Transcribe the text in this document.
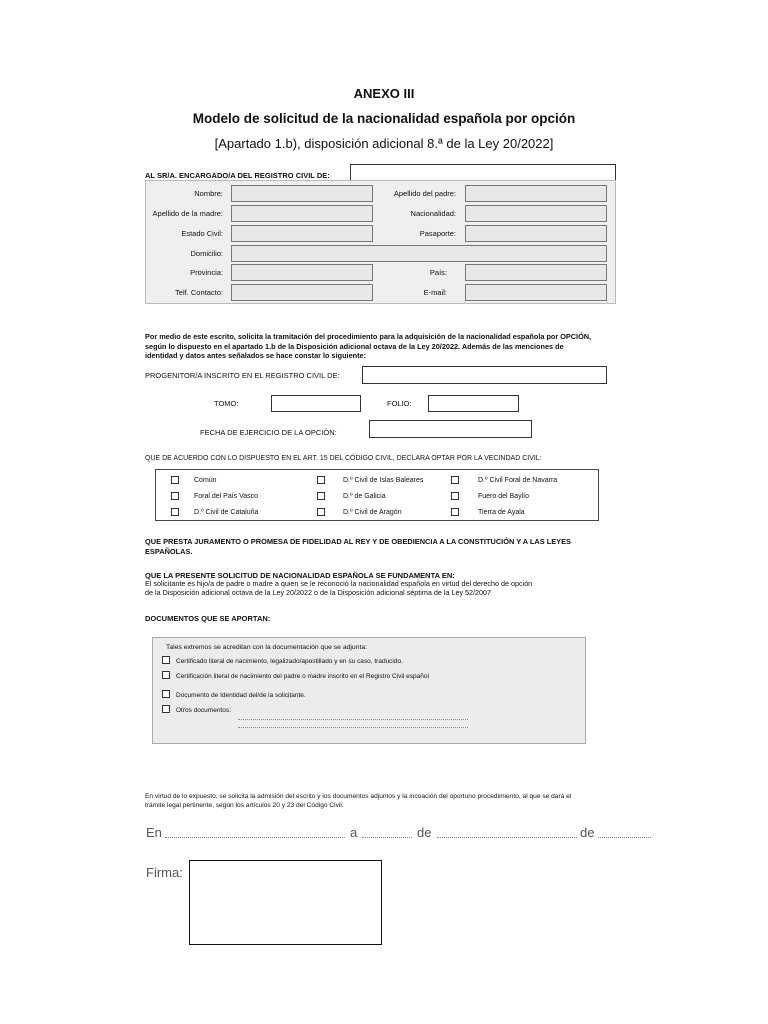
ANEXO III
Modelo de solicitud de la nacionalidad española por opción
[Apartado 1.b), disposición adicional 8.ª de la Ley 20/2022]
AL SR/A. ENCARGADO/A DEL REGISTRO CIVIL DE:
Nombre:	Apellido del padre:
Apellido de la madre:	Nacionalidad:
Estado Civil:	Pasaporte:
Domicilio:
Provincia:	País:
Telf. Contacto:	E-mail:
Por medio de este escrito, solicita la tramitación del procedimiento para la adquisición de la nacionalidad española por OPCIÓN,
según lo dispuesto en el apartado 1.b de la Disposición adicional octava de la Ley 20/2022. Además de las menciones de
identidad y datos antes señalados se hace constar lo siguiente:
PROGENITOR/A INSCRITO EN EL REGISTRO CIVIL DE:
TOMO:	FOLIO:
FECHA DE EJERCICIO DE LA OPCIÓN:
QUE DE ACUERDO CON LO DISPUESTO EN EL ART. 15 DEL CÓDIGO CIVIL, DECLARA OPTAR POR LA VECINDAD CIVIL:
Común	D.º Civil de Islas Baleares	D.º Civil Foral de Navarra
Foral del País Vasco	D.º de Galicia	Fuero del Baylío
D.º Civil de Cataluña	D.º Civil de Aragón	Tierra de Ayala
QUE PRESTA JURAMENTO O PROMESA DE FIDELIDAD AL REY Y DE OBEDIENCIA A LA CONSTITUCIÓN Y A LAS LEYES
ESPAÑOLAS.
QUE LA PRESENTE SOLICITUD DE NACIONALIDAD ESPAÑOLA SE FUNDAMENTA EN:
El solicitante es hijo/a de padre o madre a quien se le reconoció la nacionalidad española en virtud del derecho de opción
de la Disposición adicional octava de la Ley 20/2022 o de la Disposición adicional séptima de la Ley 52/2007
DOCUMENTOS QUE SE APORTAN:
Tales extremos se acreditan con la documentación que se adjunta:
Certificado literal de nacimiento, legalizado/apostillado y en su caso, traducido.
Certificación literal de nacimiento del padre o madre inscrito en el Registro Civil español
Documento de Identidad del/de la solicitante.
Otros documentos:
En virtud de lo expuesto, se solicita la admisión del escrito y los documentos adjuntos y la incoación del oportuno procedimiento, al que se dará el
trámite legal pertinente, según los artículos 20 y 23 del Código Civil.
En	a	de	de
Firma:
